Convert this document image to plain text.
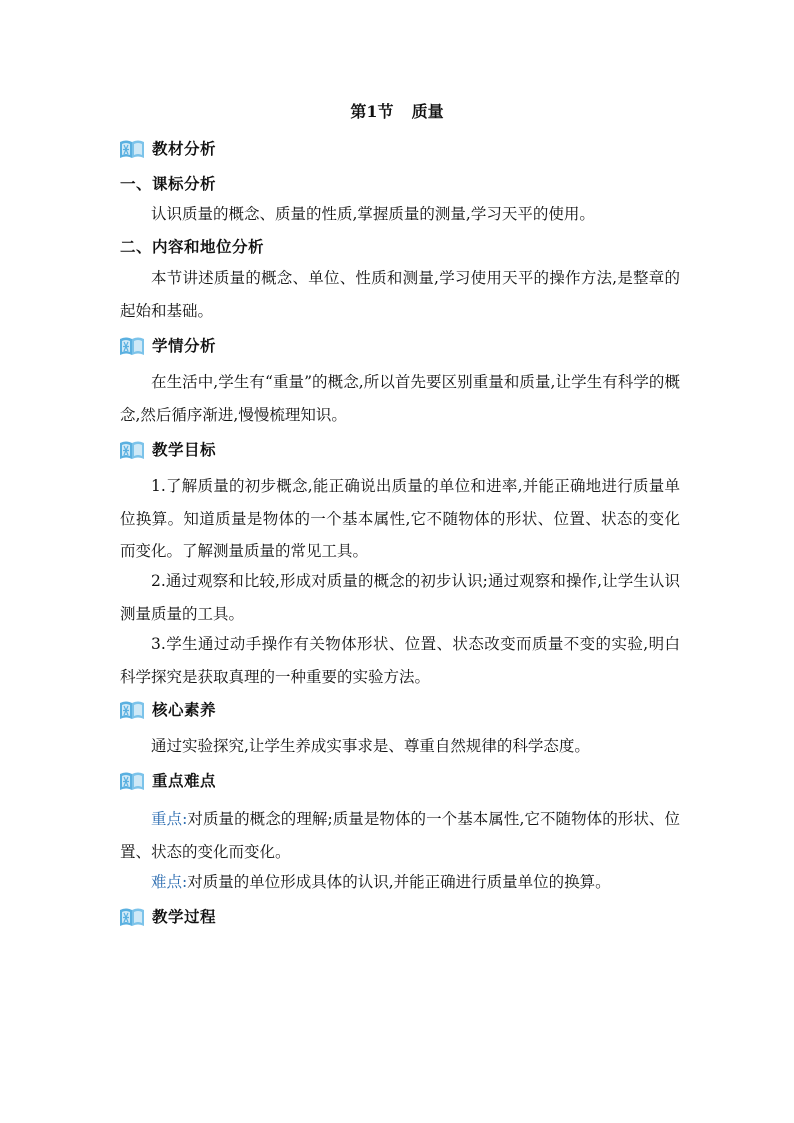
第1节 质量
教材分析
一、课标分析

认识质量的概念、质量的性质,掌握质量的测量,学习天平的使用。

二、内容和地位分析

本节讲述质量的概念、单位、性质和测量,学习使用天平的操作方法,是整章的起始和基础。

学情分析

在生活中,学生有“重量”的概念,所以首先要区别重量和质量,让学生有科学的概念,然后循序渐进,慢慢梳理知识。

教学目标

1.了解质量的初步概念,能正确说出质量的单位和进率,并能正确地进行质量单位换算。知道质量是物体的一个基本属性,它不随物体的形状、位置、状态的变化而变化。了解测量质量的常见工具。

2.通过观察和比较,形成对质量的概念的初步认识;通过观察和操作,让学生认识测量质量的工具。

3.学生通过动手操作有关物体形状、位置、状态改变而质量不变的实验,明白科学探究是获取真理的一种重要的实验方法。

核心素养

通过实验探究,让学生养成实事求是、尊重自然规律的科学态度。

重点难点

重点:对质量的概念的理解;质量是物体的一个基本属性,它不随物体的形状、位置、状态的变化而变化。

难点:对质量的单位形成具体的认识,并能正确进行质量单位的换算。

教学过程
